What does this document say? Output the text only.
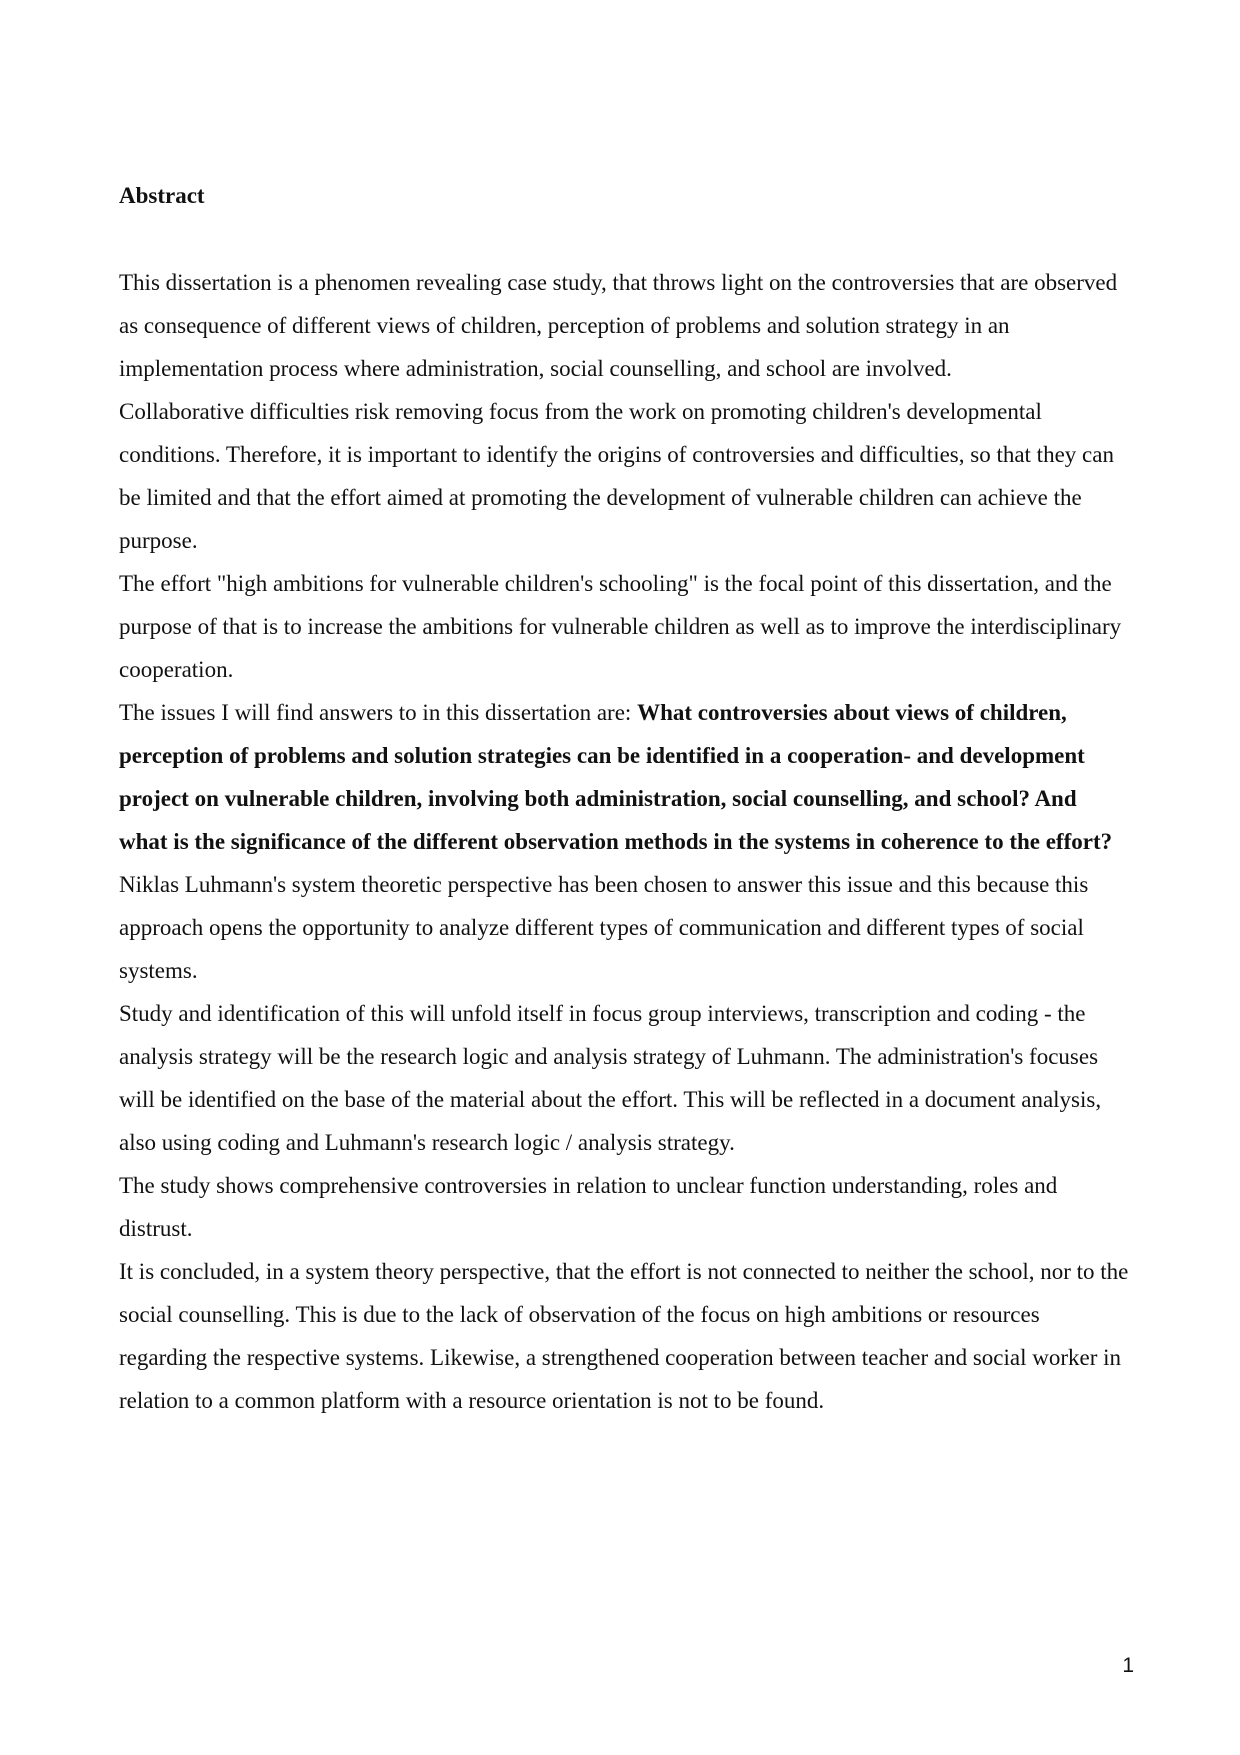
Abstract

This dissertation is a phenomen revealing case study, that throws light on the controversies that are observed as consequence of different views of children, perception of problems and solution strategy in an implementation process where administration, social counselling, and school are involved.

Collaborative difficulties risk removing focus from the work on promoting children's developmental conditions. Therefore, it is important to identify the origins of controversies and difficulties, so that they can be limited and that the effort aimed at promoting the development of vulnerable children can achieve the purpose.

The effort "high ambitions for vulnerable children's schooling" is the focal point of this dissertation, and the purpose of that is to increase the ambitions for vulnerable children as well as to improve the interdisciplinary cooperation.

The issues I will find answers to in this dissertation are: What controversies about views of children, perception of problems and solution strategies can be identified in a cooperation- and development project on vulnerable children, involving both administration, social counselling, and school? And what is the significance of the different observation methods in the systems in coherence to the effort?

Niklas Luhmann's system theoretic perspective has been chosen to answer this issue and this because this approach opens the opportunity to analyze different types of communication and different types of social systems.

Study and identification of this will unfold itself in focus group interviews, transcription and coding - the analysis strategy will be the research logic and analysis strategy of Luhmann. The administration's focuses will be identified on the base of the material about the effort. This will be reflected in a document analysis, also using coding and Luhmann's research logic / analysis strategy.

The study shows comprehensive controversies in relation to unclear function understanding, roles and distrust.

It is concluded, in a system theory perspective, that the effort is not connected to neither the school, nor to the social counselling. This is due to the lack of observation of the focus on high ambitions or resources regarding the respective systems. Likewise, a strengthened cooperation between teacher and social worker in relation to a common platform with a resource orientation is not to be found.

1
